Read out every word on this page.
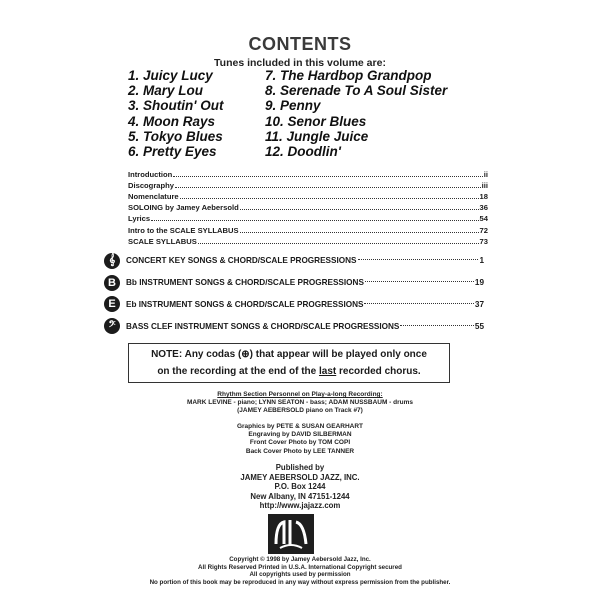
CONTENTS
Tunes included in this volume are:
1. Juicy Lucy
2. Mary Lou
3. Shoutin' Out
4. Moon Rays
5. Tokyo Blues
6. Pretty Eyes
7. The Hardbop Grandpop
8. Serenade To A Soul Sister
9. Penny
10. Senor Blues
11. Jungle Juice
12. Doodlin'
Introduction	ii
Discography	iii
Nomenclature	18
SOLOING by Jamey Aebersold	36
Lyrics	54
Intro to the SCALE SYLLABUS	72
SCALE SYLLABUS	73
𝄞	CONCERT KEY SONGS & CHORD/SCALE PROGRESSIONS	1
B	Bb INSTRUMENT SONGS & CHORD/SCALE PROGRESSIONS	19
E	Eb INSTRUMENT SONGS & CHORD/SCALE PROGRESSIONS	37
𝄢	BASS CLEF INSTRUMENT SONGS & CHORD/SCALE PROGRESSIONS	55
NOTE: Any codas (⊕) that appear will be played only once
on the recording at the end of the last recorded chorus.
Rhythm Section Personnel on Play-a-long Recording:
MARK LEVINE - piano; LYNN SEATON - bass; ADAM NUSSBAUM - drums
(JAMEY AEBERSOLD piano on Track #7)
Graphics by PETE & SUSAN GEARHART
Engraving by DAVID SILBERMAN
Front Cover Photo by TOM COPI
Back Cover Photo by LEE TANNER
Published by
JAMEY AEBERSOLD JAZZ, INC.
P.O. Box 1244
New Albany, IN 47151-1244
http://www.jajazz.com
Copyright © 1998 by Jamey Aebersold Jazz, Inc.
All Rights Reserved Printed in U.S.A. International Copyright secured
All copyrights used by permission
No portion of this book may be reproduced in any way without express permission from the publisher.
